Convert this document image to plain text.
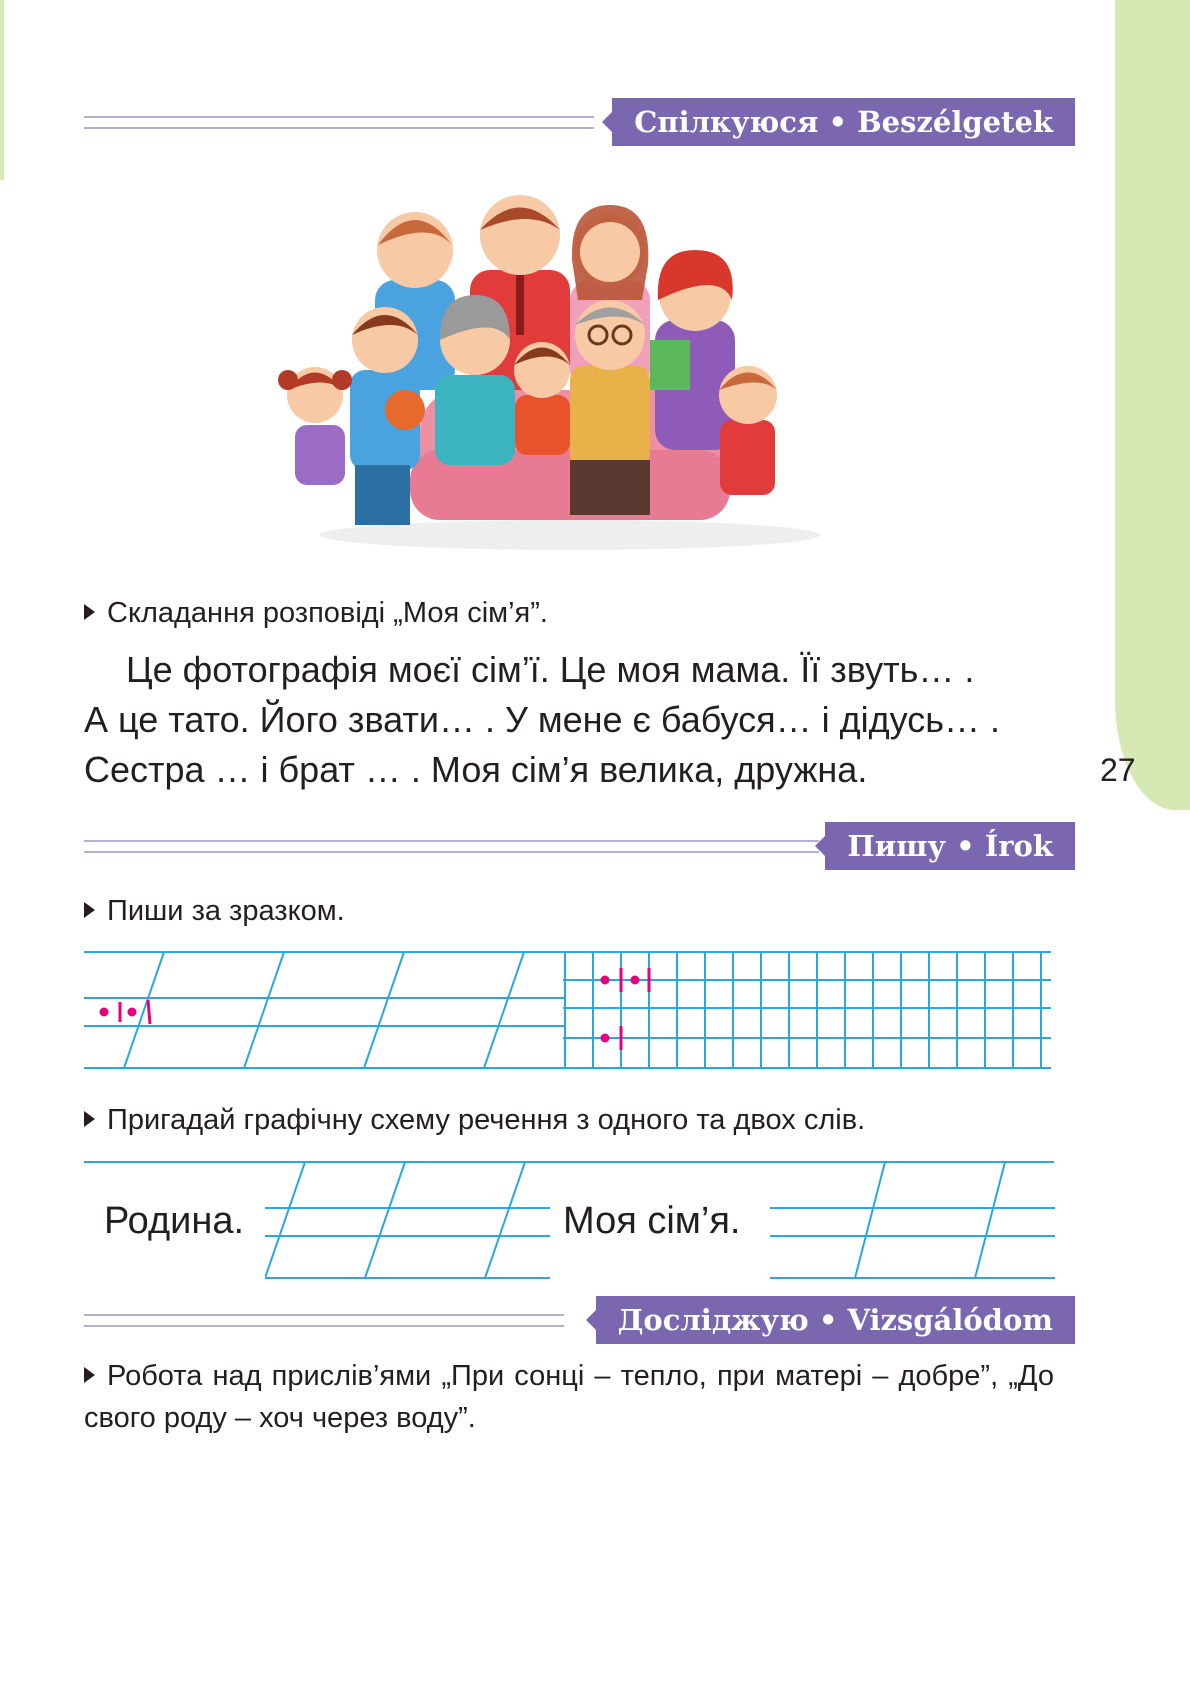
27
Спілкуюся • Beszélgetek
Складання розповіді „Моя сім’я”.

Це фотографія моєї сім’ї. Це моя мама. Її звуть… .

А це тато. Його звати… . У мене є бабуся… і дідусь… .

Сестра … і брат … . Моя сім’я велика, дружна.

Пишу • Írok
Пиши за зразком.
Пригадай графічну схему речення з одного та двох слів.
Родина.	Моя сім’я.
Досліджую • Vizsgálódom
Робота над прислів’ями „При сонці – тепло, при матері – добре”, „До свого роду – хоч через воду”.
